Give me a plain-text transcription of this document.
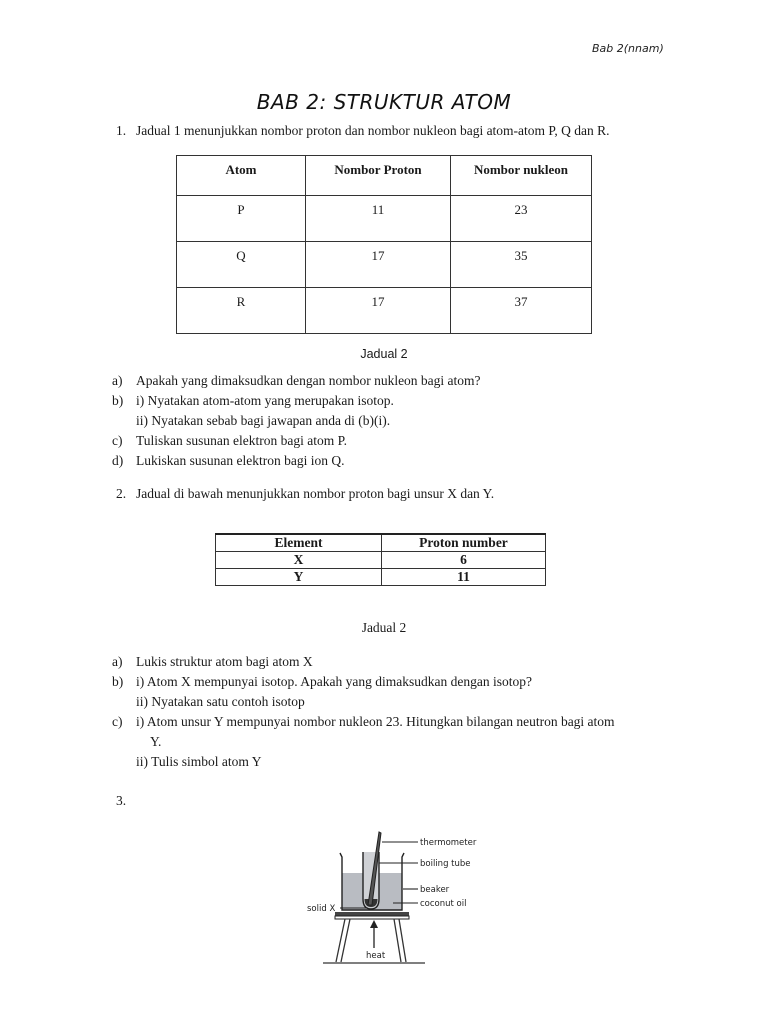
Bab 2(nnam)
BAB 2: STRUKTUR ATOM
1. Jadual 1 menunjukkan nombor proton dan nombor nukleon bagi atom-atom P, Q dan R.
Atom	Nombor Proton	Nombor nukleon
P	11	23
Q	17	35
R	17	37
Jadual 2
a) Apakah yang dimaksudkan dengan nombor nukleon bagi atom?
b) i) Nyatakan atom-atom yang merupakan isotop.
ii) Nyatakan sebab bagi jawapan anda di (b)(i).
c) Tuliskan susunan elektron bagi atom P.
d) Lukiskan susunan elektron bagi ion Q.
2. Jadual di bawah menunjukkan nombor proton bagi unsur X dan Y.
Element	Proton number
X	6
Y	11
Jadual 2
a) Lukis struktur atom bagi atom X
b) i) Atom X mempunyai isotop. Apakah yang dimaksudkan dengan isotop?
ii) Nyatakan satu contoh isotop
c) i) Atom unsur Y mempunyai nombor nukleon 23. Hitungkan bilangan neutron bagi atom
Y.
ii) Tulis simbol atom Y
3.
thermometer
boiling tube
beaker
coconut oil
solid X
heat
